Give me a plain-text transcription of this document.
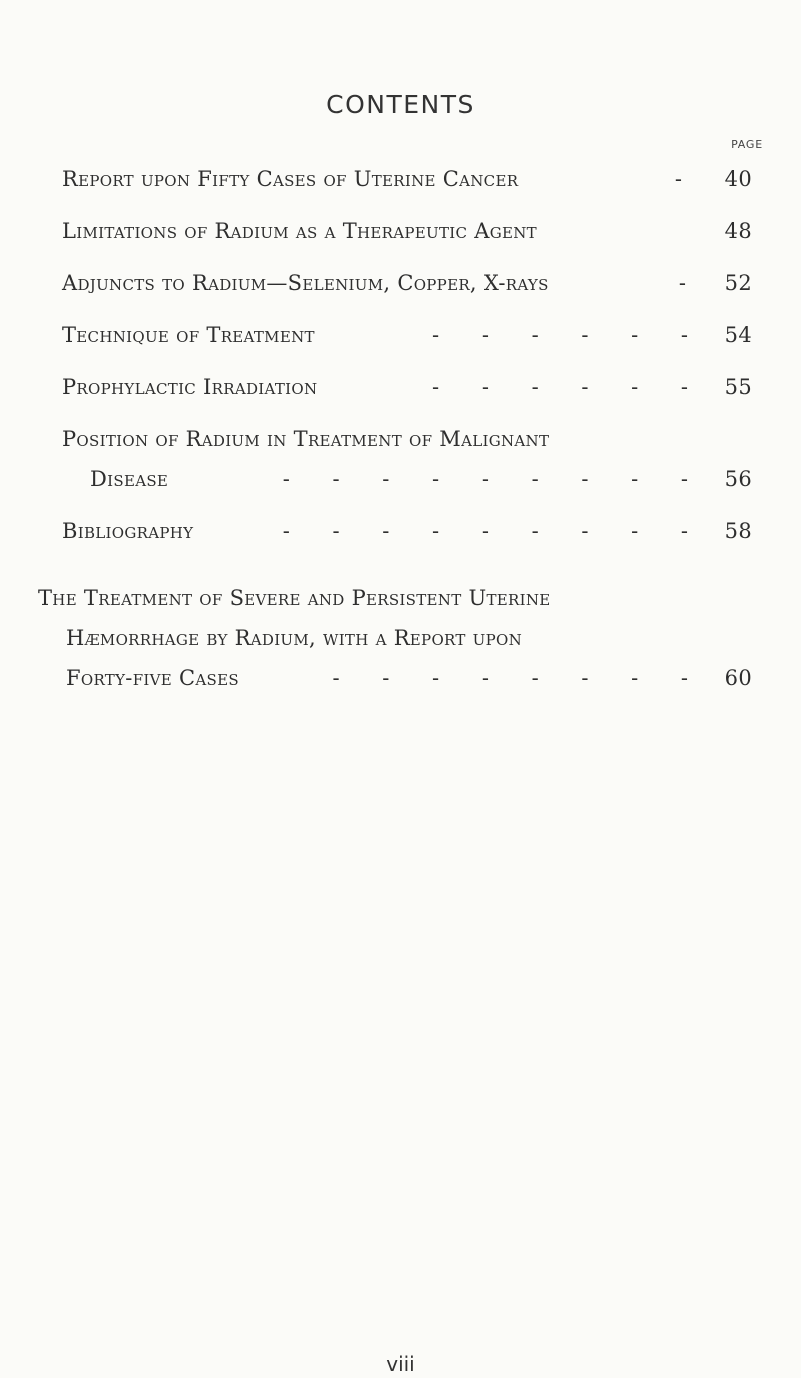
CONTENTS
PAGE
Report upon Fifty Cases of Uterine Cancer	- 40
Limitations of Radium as a Therapeutic Agent	48
Adjuncts to Radium—Selenium, Copper, X-rays	- 52
Technique of Treatment	- - - - - - 54
Prophylactic Irradiation	- - - - - - 55
Position of Radium in Treatment of Malignant
Disease	- - - - - - - - - 56
Bibliography	- - - - - - - - - 58
The Treatment of Severe and Persistent Uterine
Hæmorrhage by Radium, with a Report upon
Forty-five Cases	- - - - - - - - 60
viii
